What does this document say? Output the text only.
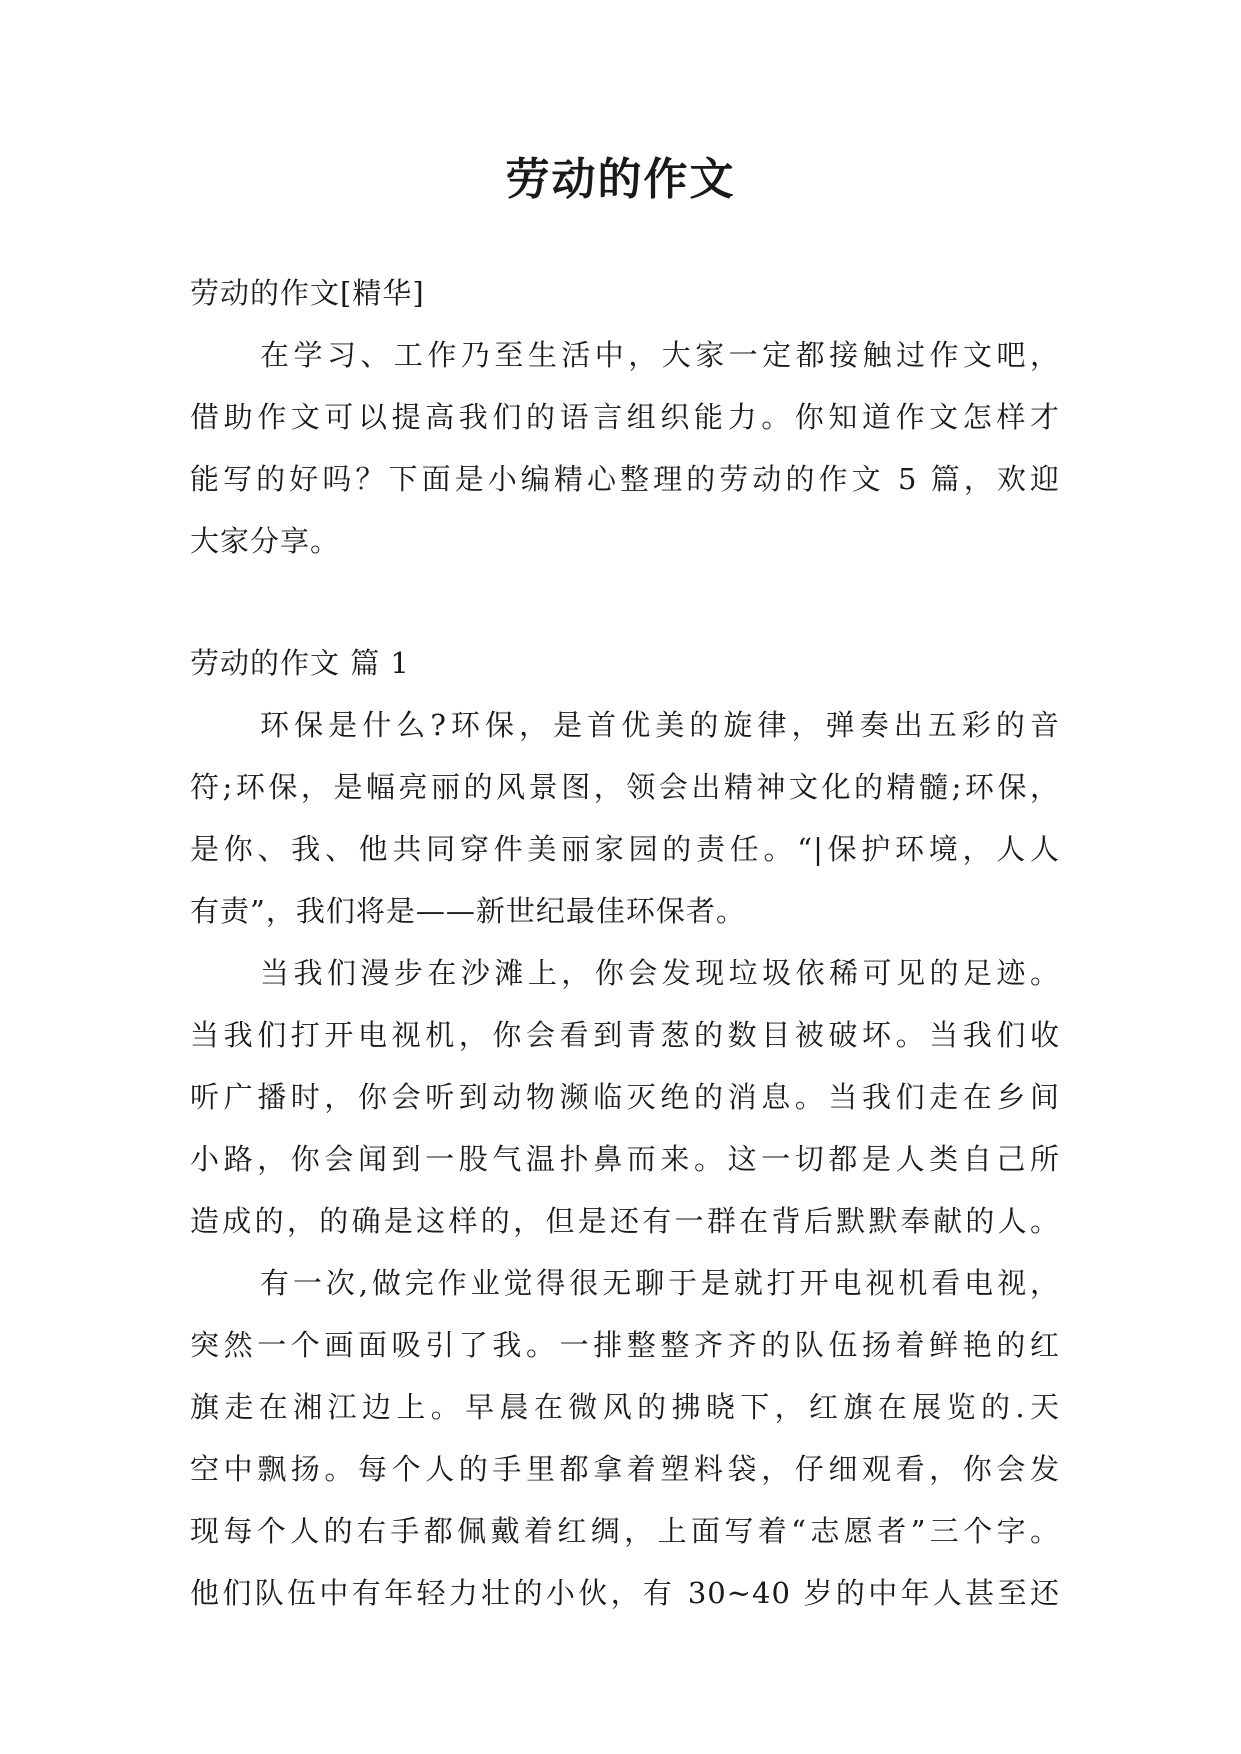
劳动的作文
劳动的作文[精华]
在学习、工作乃至生活中，大家一定都接触过作文吧，
借助作文可以提高我们的语言组织能力。你知道作文怎样才
能写的好吗？下面是小编精心整理的劳动的作文 5 篇，欢迎
大家分享。
劳动的作文 篇 1
环保是什么?环保，是首优美的旋律，弹奏出五彩的音
符;环保，是幅亮丽的风景图，领会出精神文化的精髓;环保，
是你、我、他共同穿件美丽家园的责任。“|保护环境，人人
有责”，我们将是——新世纪最佳环保者。
当我们漫步在沙滩上，你会发现垃圾依稀可见的足迹。
当我们打开电视机，你会看到青葱的数目被破坏。当我们收
听广播时，你会听到动物濒临灭绝的消息。当我们走在乡间
小路，你会闻到一股气温扑鼻而来。这一切都是人类自己所
造成的，的确是这样的，但是还有一群在背后默默奉献的人。
有一次,做完作业觉得很无聊于是就打开电视机看电视，
突然一个画面吸引了我。一排整整齐齐的队伍扬着鲜艳的红
旗走在湘江边上。早晨在微风的拂晓下，红旗在展览的.天
空中飘扬。每个人的手里都拿着塑料袋，仔细观看，你会发
现每个人的右手都佩戴着红绸，上面写着“志愿者”三个字。
他们队伍中有年轻力壮的小伙，有 30~40 岁的中年人甚至还
